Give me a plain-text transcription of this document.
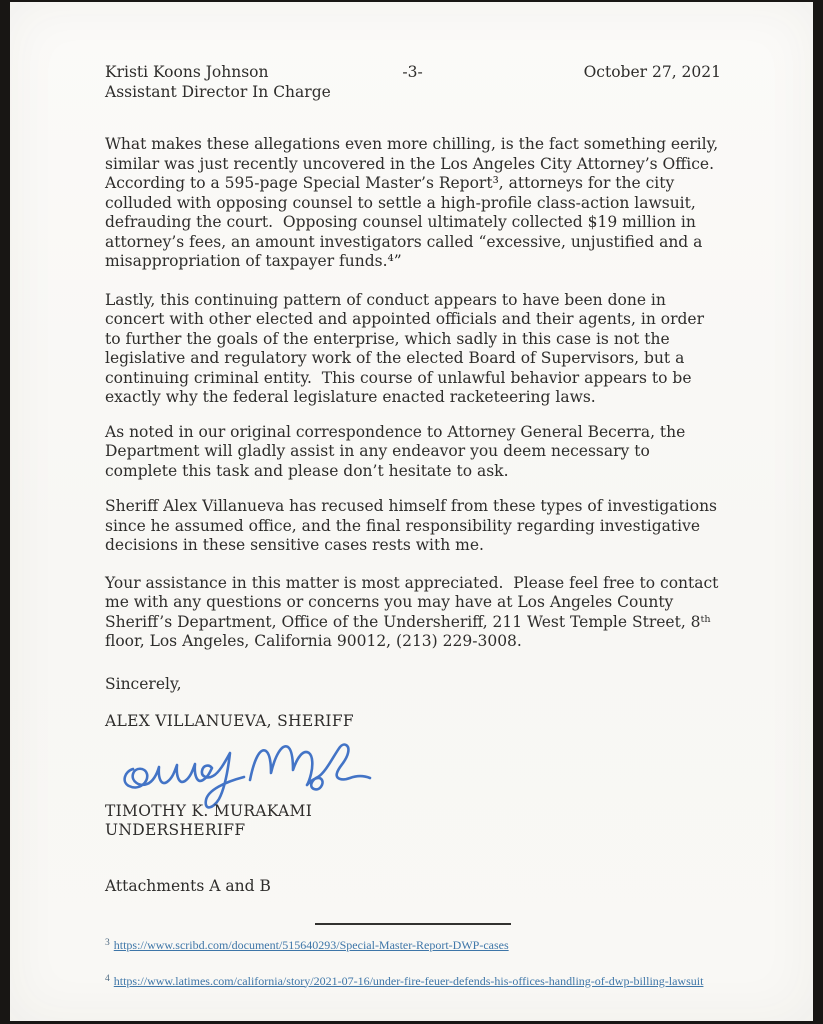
Kristi Koons Johnson
Assistant Director In Charge
-3-	October 27, 2021

What makes these allegations even more chilling, is the fact something eerily, similar was just recently uncovered in the Los Angeles City Attorney’s Office.  According to a 595-page Special Master’s Report³, attorneys for the city colluded with opposing counsel to settle a high-profile class-action lawsuit, defrauding the court.  Opposing counsel ultimately collected $19 million in attorney’s fees, an amount investigators called “excessive, unjustified and a misappropriation of taxpayer funds.⁴”

Lastly, this continuing pattern of conduct appears to have been done in concert with other elected and appointed officials and their agents, in order to further the goals of the enterprise, which sadly in this case is not the legislative and regulatory work of the elected Board of Supervisors, but a continuing criminal entity.  This course of unlawful behavior appears to be exactly why the federal legislature enacted racketeering laws.

As noted in our original correspondence to Attorney General Becerra, the Department will gladly assist in any endeavor you deem necessary to complete this task and please don’t hesitate to ask.

Sheriff Alex Villanueva has recused himself from these types of investigations since he assumed office, and the final responsibility regarding investigative decisions in these sensitive cases rests with me.

Your assistance in this matter is most appreciated.  Please feel free to contact me with any questions or concerns you may have at Los Angeles County Sheriff’s Department, Office of the Undersheriff, 211 West Temple Street, 8ᵗʰ floor, Los Angeles, California 90012, (213) 229-3008.

Sincerely,
ALEX VILLANUEVA, SHERIFF
TIMOTHY K. MURAKAMI
UNDERSHERIFF
Attachments A and B
$^3$ https://www.scribd.com/document/515640293/Special-Master-Report-DWP-cases
$^4$ https://www.latimes.com/california/story/2021-07-16/under-fire-feuer-defends-his-offices-handling-of-dwp-billing-lawsuit
